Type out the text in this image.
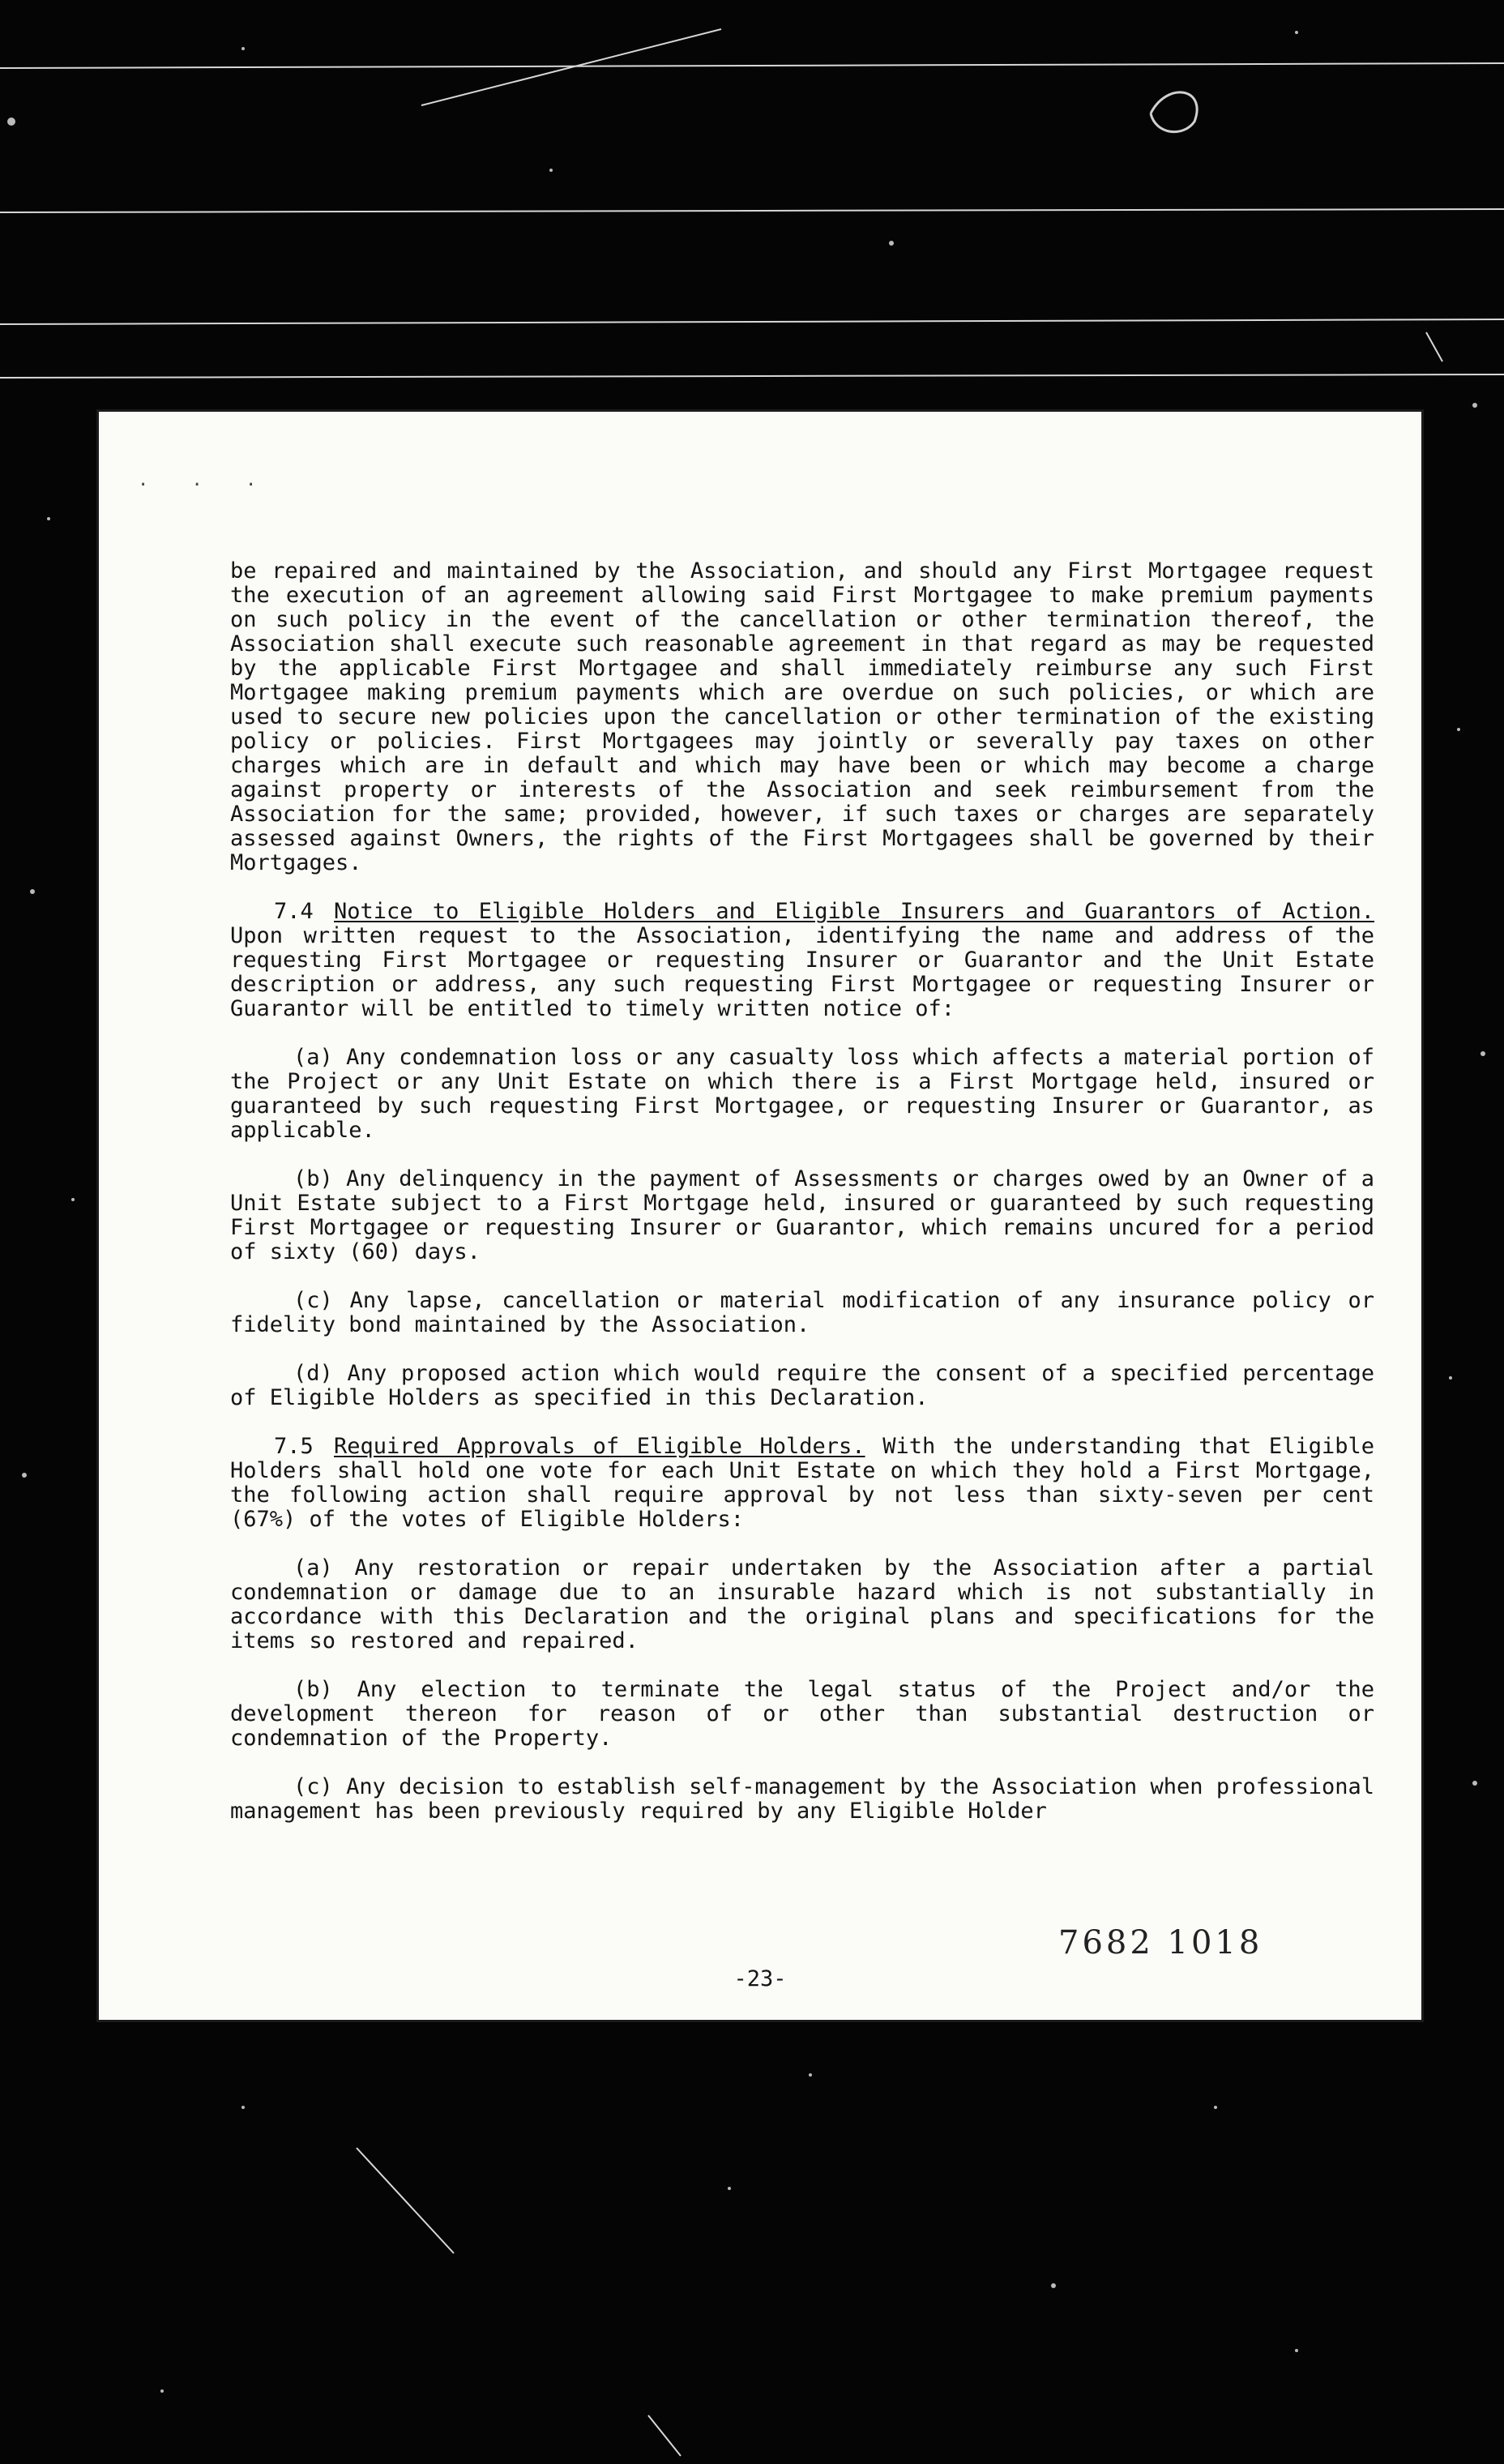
· · ·

be repaired and maintained by the Association, and should any First Mortgagee request the execution of an agreement allowing said First Mortgagee to make premium payments on such policy in the event of the cancellation or other termination thereof, the Association shall execute such reasonable agreement in that regard as may be requested by the applicable First Mortgagee and shall immediately reimburse any such First Mortgagee making premium payments which are overdue on such policies, or which are used to secure new policies upon the cancellation or other termination of the existing policy or policies. First Mortgagees may jointly or severally pay taxes on other charges which are in default and which may have been or which may become a charge against property or interests of the Association and seek reimbursement from the Association for the same; provided, however, if such taxes or charges are separately assessed against Owners, the rights of the First Mortgagees shall be governed by their Mortgages.

7.4 Notice to Eligible Holders and Eligible Insurers and Guarantors of Action. Upon written request to the Association, identifying the name and address of the requesting First Mortgagee or requesting Insurer or Guarantor and the Unit Estate description or address, any such requesting First Mortgagee or requesting Insurer or Guarantor will be entitled to timely written notice of:

(a) Any condemnation loss or any casualty loss which affects a material portion of the Project or any Unit Estate on which there is a First Mortgage held, insured or guaranteed by such requesting First Mortgagee, or requesting Insurer or Guarantor, as applicable.

(b) Any delinquency in the payment of Assessments or charges owed by an Owner of a Unit Estate subject to a First Mortgage held, insured or guaranteed by such requesting First Mortgagee or requesting Insurer or Guarantor, which remains uncured for a period of sixty (60) days.

(c) Any lapse, cancellation or material modification of any insurance policy or fidelity bond maintained by the Association.

(d) Any proposed action which would require the consent of a specified percentage of Eligible Holders as specified in this Declaration.

7.5 Required Approvals of Eligible Holders. With the understanding that Eligible Holders shall hold one vote for each Unit Estate on which they hold a First Mortgage, the following action shall require approval by not less than sixty-seven per cent (67%) of the votes of Eligible Holders:

(a) Any restoration or repair undertaken by the Association after a partial condemnation or damage due to an insurable hazard which is not substantially in accordance with this Declaration and the original plans and specifications for the items so restored and repaired.

(b) Any election to terminate the legal status of the Project and/or the development thereon for reason of or other than substantial destruction or condemnation of the Property.

(c) Any decision to establish self-management by the Association when professional management has been previously required by any Eligible Holder

7682 1018
-23-
